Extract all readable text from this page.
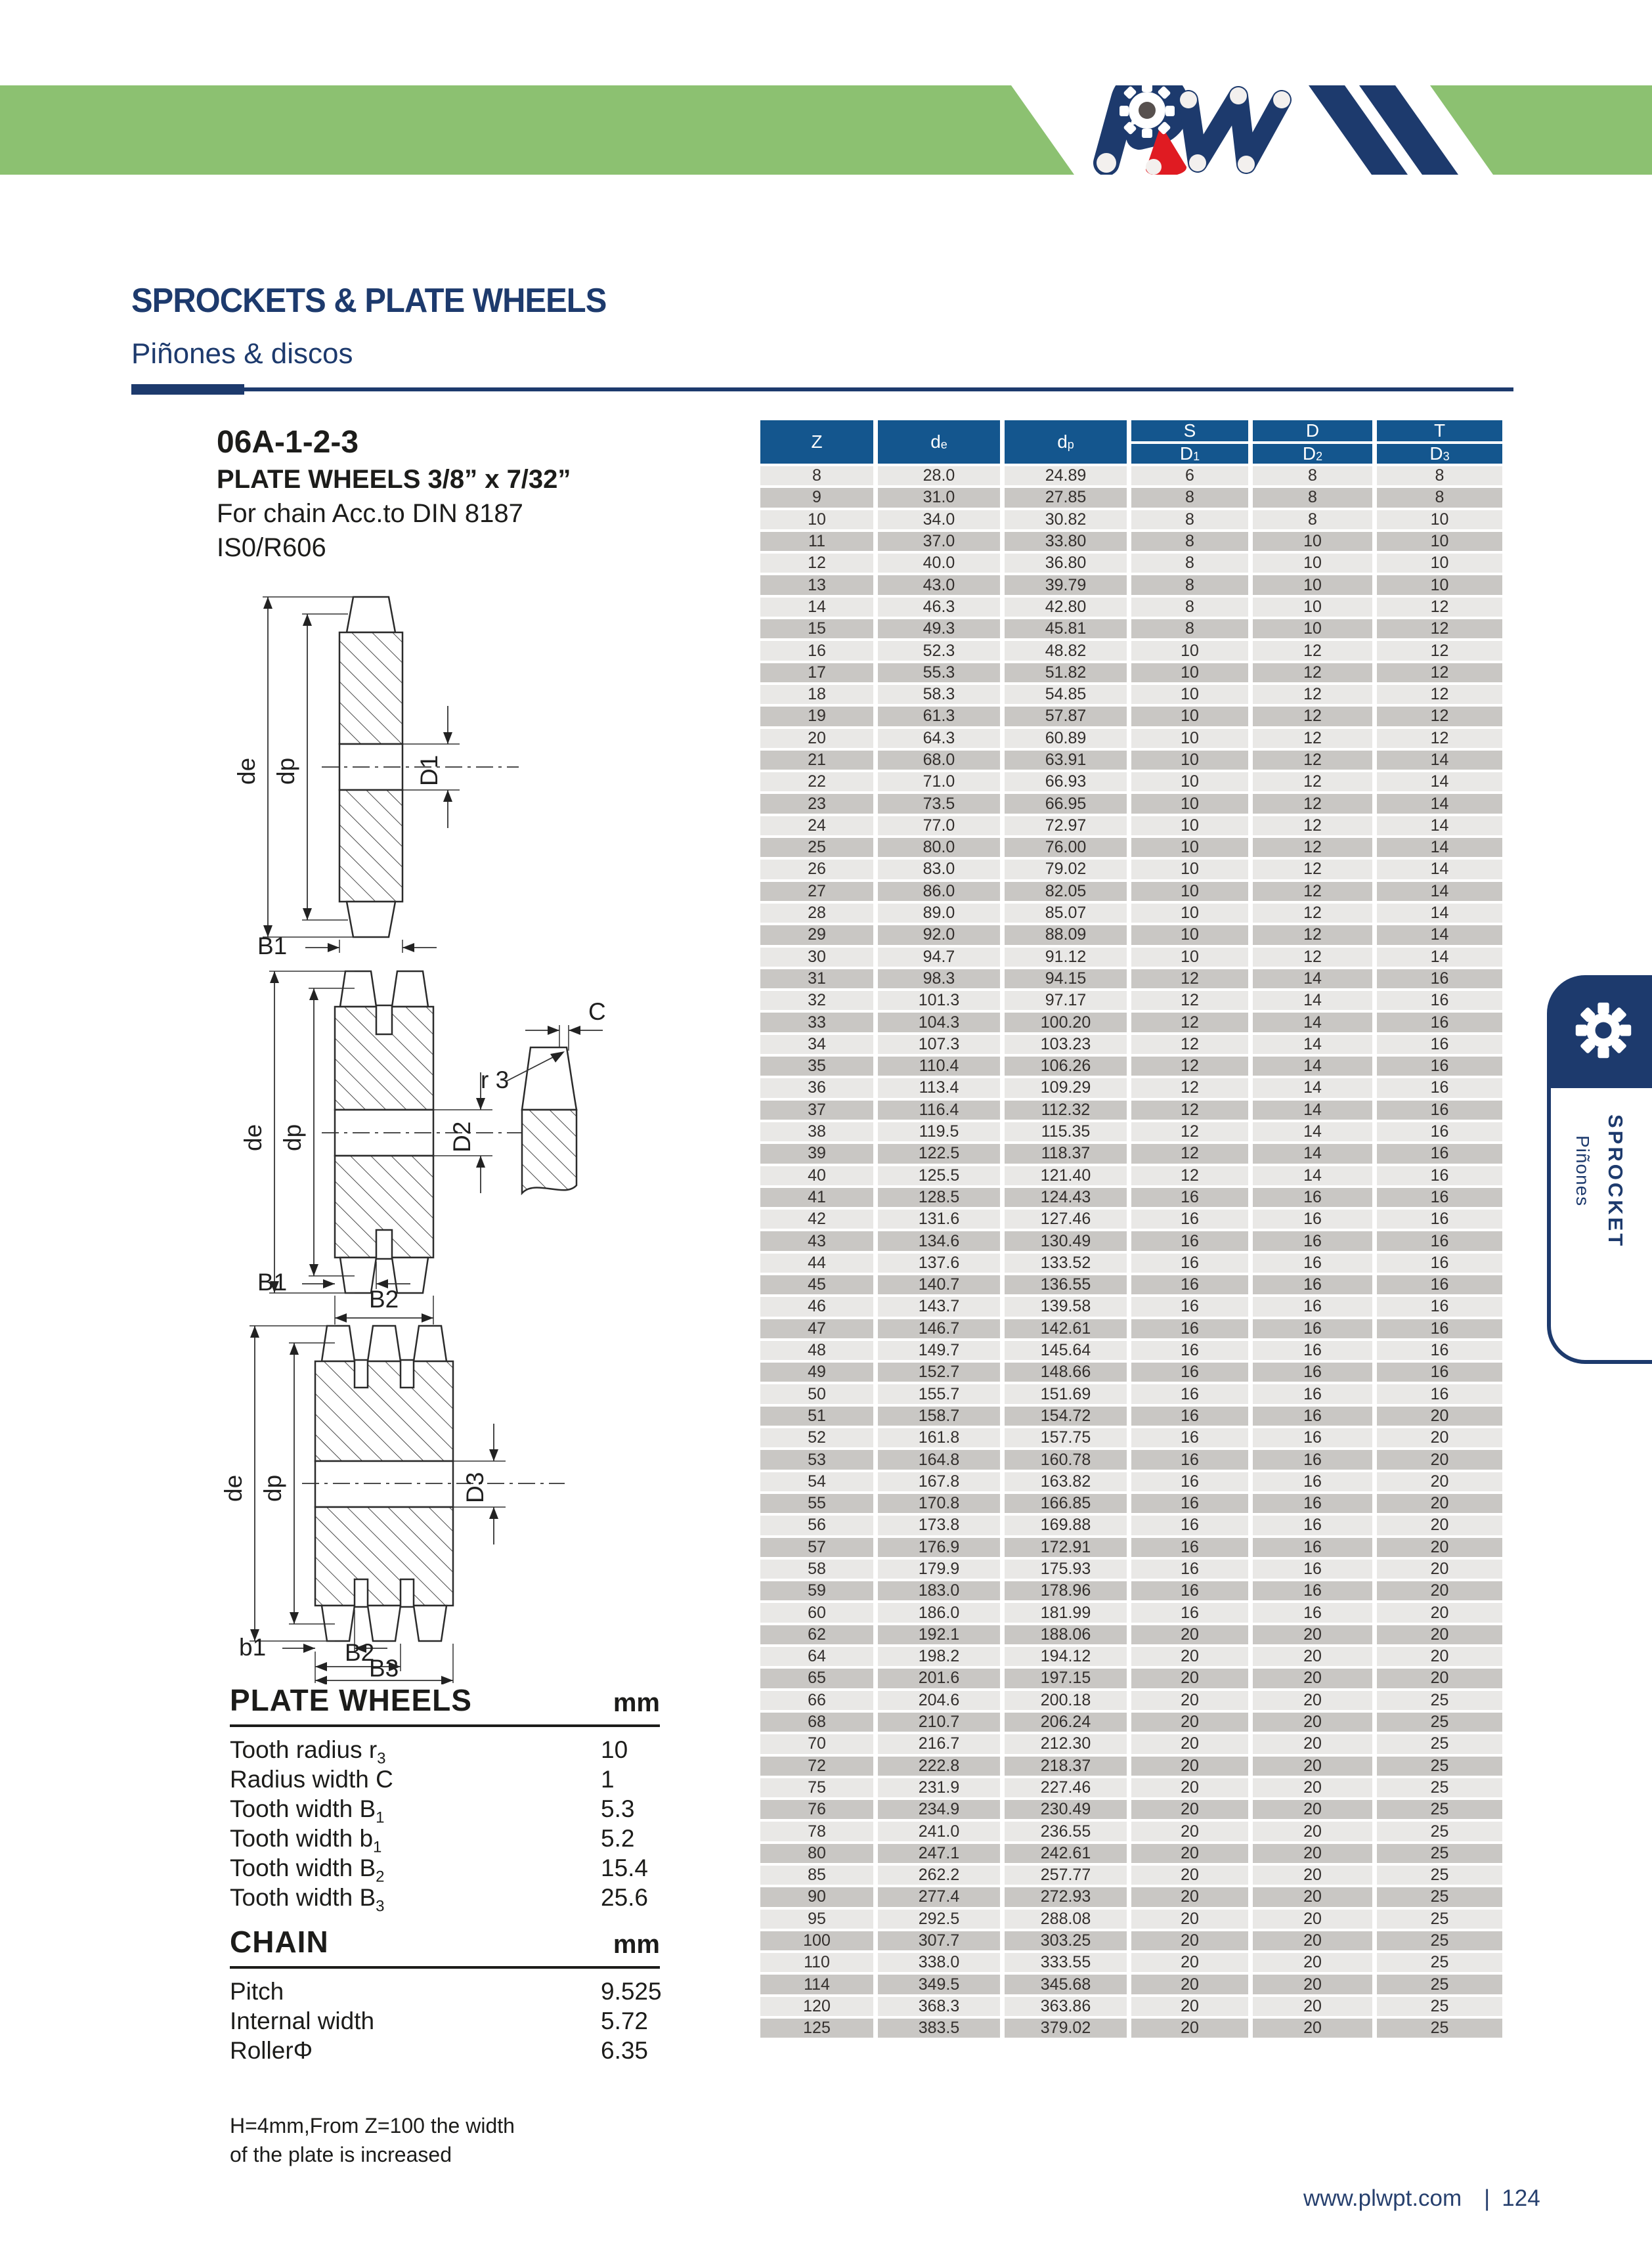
SPROCKETS & PLATE WHEELS
Piñones & discos
06A-1-2-3
PLATE WHEELS 3/8” x 7/32”
For chain Acc.to DIN 8187
IS0/R606
de dp	D1
B1
de dp	D2
B1
B2
C
r 3
de dp	D3
b1	B2
B3
Z	d e	d p
S	D	T
D 1	D 2	D 3
8	28.0	24.89	6	8	8
9	31.0	27.85	8	8	8
10	34.0	30.82	8	8	10
11	37.0	33.80	8	10	10
12	40.0	36.80	8	10	10
13	43.0	39.79	8	10	10
14	46.3	42.80	8	10	12
15	49.3	45.81	8	10	12
16	52.3	48.82	10	12	12
17	55.3	51.82	10	12	12
18	58.3	54.85	10	12	12
19	61.3	57.87	10	12	12
20	64.3	60.89	10	12	12
21	68.0	63.91	10	12	14
22	71.0	66.93	10	12	14
23	73.5	66.95	10	12	14
24	77.0	72.97	10	12	14
25	80.0	76.00	10	12	14
26	83.0	79.02	10	12	14
27	86.0	82.05	10	12	14
28	89.0	85.07	10	12	14
29	92.0	88.09	10	12	14
30	94.7	91.12	10	12	14
31	98.3	94.15	12	14	16
32	101.3	97.17	12	14	16
33	104.3	100.20	12	14	16
34	107.3	103.23	12	14	16
35	110.4	106.26	12	14	16
36	113.4	109.29	12	14	16
37	116.4	112.32	12	14	16
38	119.5	115.35	12	14	16
39	122.5	118.37	12	14	16
40	125.5	121.40	12	14	16
41	128.5	124.43	16	16	16
42	131.6	127.46	16	16	16
43	134.6	130.49	16	16	16
44	137.6	133.52	16	16	16
45	140.7	136.55	16	16	16
46	143.7	139.58	16	16	16
47	146.7	142.61	16	16	16
48	149.7	145.64	16	16	16
49	152.7	148.66	16	16	16
50	155.7	151.69	16	16	16
51	158.7	154.72	16	16	20
52	161.8	157.75	16	16	20
53	164.8	160.78	16	16	20
54	167.8	163.82	16	16	20
55	170.8	166.85	16	16	20
56	173.8	169.88	16	16	20
57	176.9	172.91	16	16	20
58	179.9	175.93	16	16	20
59	183.0	178.96	16	16	20
60	186.0	181.99	16	16	20
62	192.1	188.06	20	20	20
64	198.2	194.12	20	20	20
65	201.6	197.15	20	20	20
66	204.6	200.18	20	20	25
68	210.7	206.24	20	20	25
70	216.7	212.30	20	20	25
72	222.8	218.37	20	20	25
75	231.9	227.46	20	20	25
76	234.9	230.49	20	20	25
78	241.0	236.55	20	20	25
80	247.1	242.61	20	20	25
85	262.2	257.77	20	20	25
90	277.4	272.93	20	20	25
95	292.5	288.08	20	20	25
100	307.7	303.25	20	20	25
110	338.0	333.55	20	20	25
114	349.5	345.68	20	20	25
120	368.3	363.86	20	20	25
125	383.5	379.02	20	20	25
PLATE WHEELS	mm
Tooth radius $r_3$	10
Radius width C	1
Tooth width $B_1$	5.3
Tooth width $b_1$	5.2
Tooth width $B_2$	15.4
Tooth width $B_3$	25.6
CHAIN	mm
Pitch	9.525
Internal width	5.72
RollerΦ	6.35
H=4mm,From Z=100 the width
of the plate is increased
SPROCKET
Piñones
www.plwpt.com | 124
